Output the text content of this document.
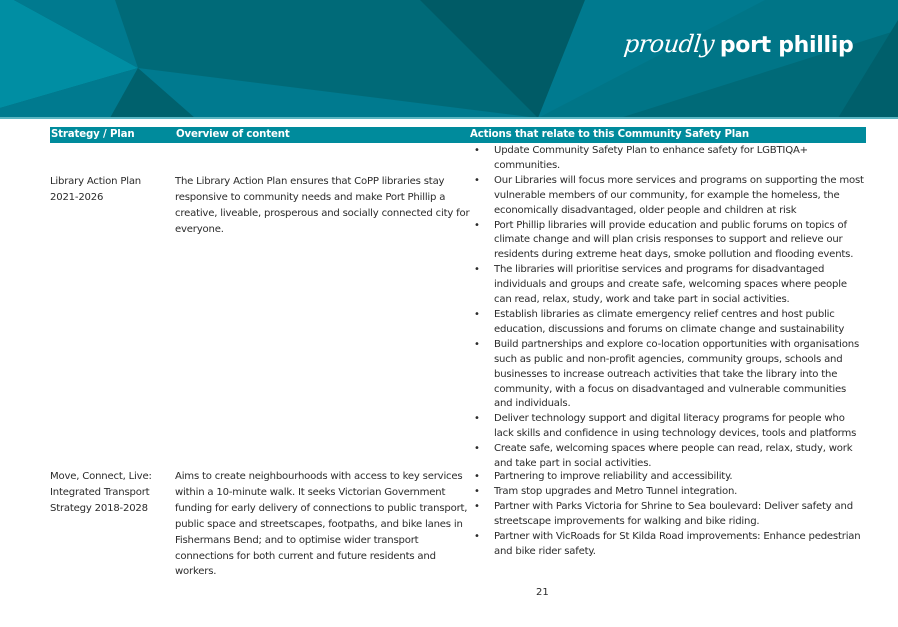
proudly port phillip
Strategy / Plan	Overview of content	Actions that relate to this Community Safety Plan
Library Action Plan 2021-2026
The Library Action Plan ensures that CoPP libraries stay responsive to community needs and make Port Phillip a creative, liveable, prosperous and socially connected city for everyone.
• Update Community Safety Plan to enhance safety for LGBTIQA+ communities.
• Our Libraries will focus more services and programs on supporting the most vulnerable members of our community, for example the homeless, the economically disadvantaged, older people and children at risk
• Port Phillip libraries will provide education and public forums on topics of climate change and will plan crisis responses to support and relieve our residents during extreme heat days, smoke pollution and flooding events.
• The libraries will prioritise services and programs for disadvantaged individuals and groups and create safe, welcoming spaces where people can read, relax, study, work and take part in social activities.
• Establish libraries as climate emergency relief centres and host public education, discussions and forums on climate change and sustainability
• Build partnerships and explore co-location opportunities with organisations such as public and non-profit agencies, community groups, schools and businesses to increase outreach activities that take the library into the community, with a focus on disadvantaged and vulnerable communities and individuals.
• Deliver technology support and digital literacy programs for people who lack skills and confidence in using technology devices, tools and platforms
• Create safe, welcoming spaces where people can read, relax, study, work and take part in social activities.
Move, Connect, Live: Integrated Transport Strategy 2018-2028
Aims to create neighbourhoods with access to key services within a 10-minute walk. It seeks Victorian Government funding for early delivery of connections to public transport, public space and streetscapes, footpaths, and bike lanes in Fishermans Bend; and to optimise wider transport connections for both current and future residents and workers.
• Partnering to improve reliability and accessibility.
• Tram stop upgrades and Metro Tunnel integration.
• Partner with Parks Victoria for Shrine to Sea boulevard: Deliver safety and streetscape improvements for walking and bike riding.
• Partner with VicRoads for St Kilda Road improvements: Enhance pedestrian and bike rider safety.
21
